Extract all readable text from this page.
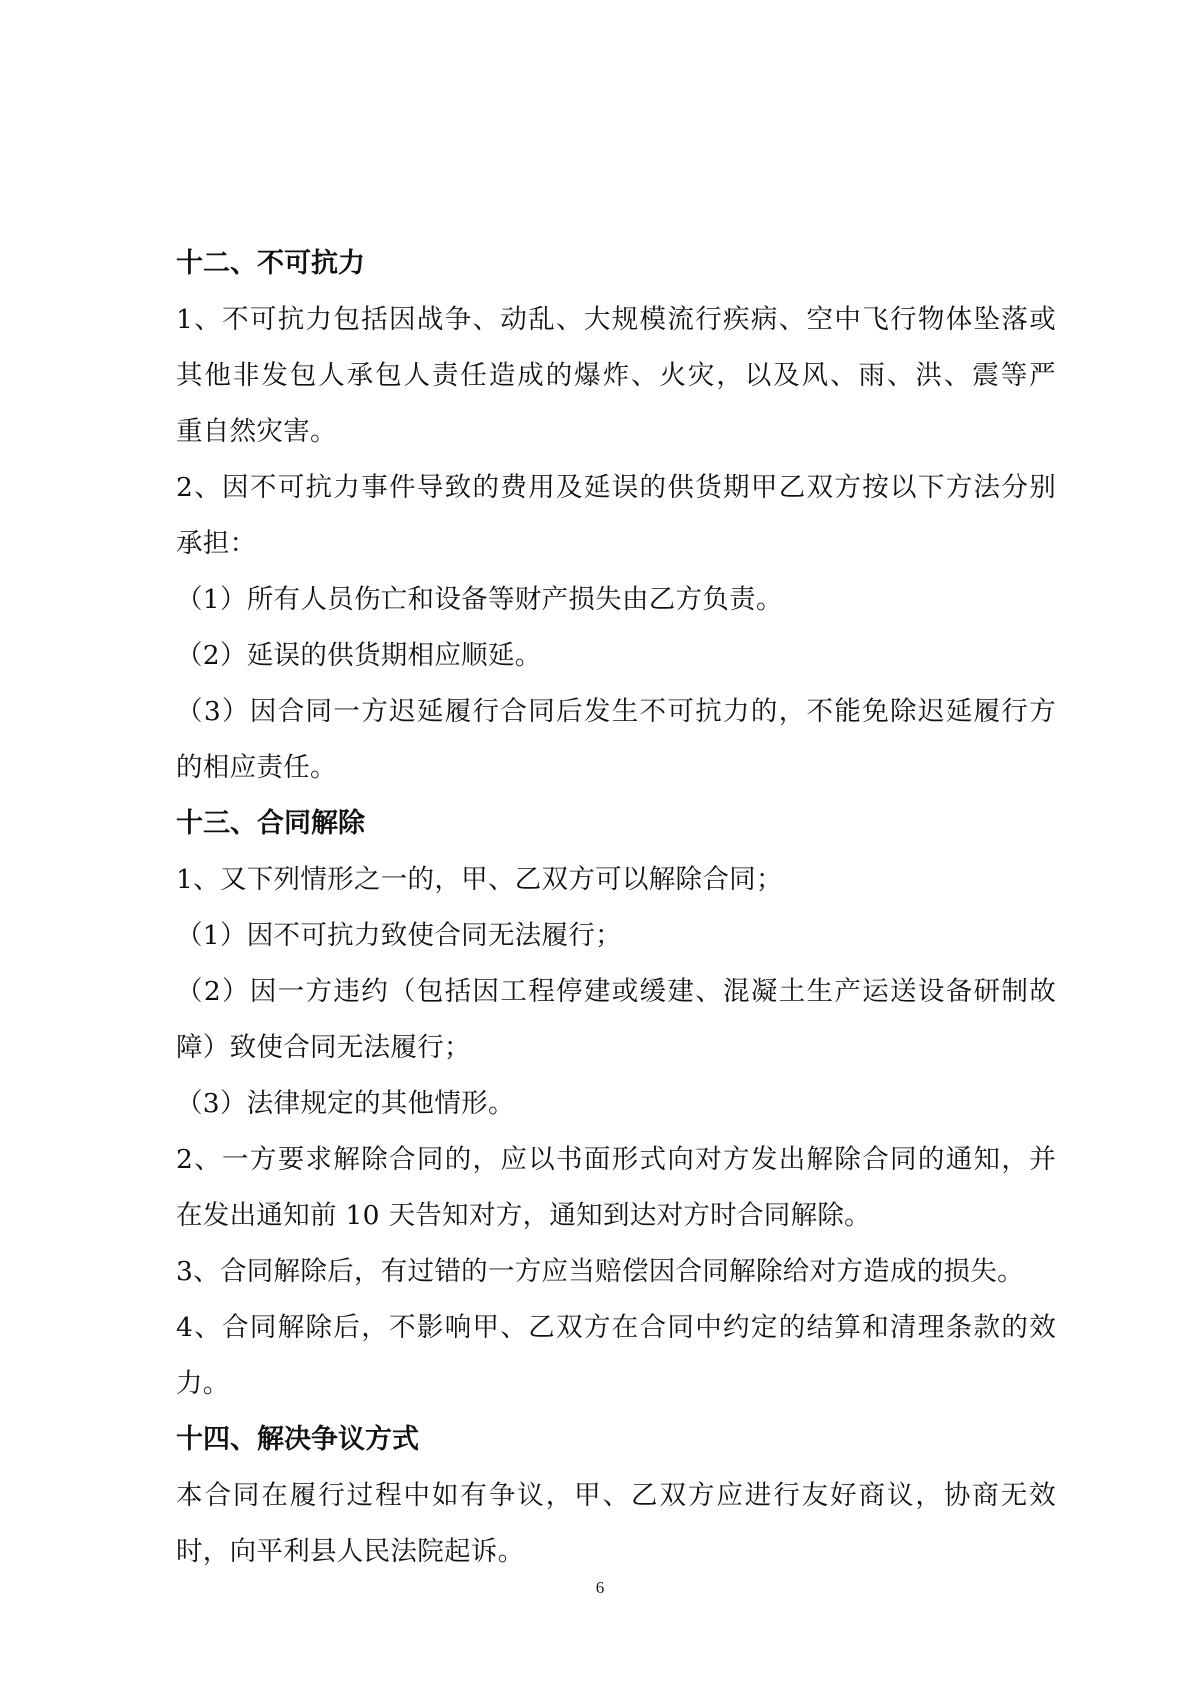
十二、不可抗力
1、不可抗力包括因战争、动乱、大规模流行疾病、空中飞行物体坠落或
其他非发包人承包人责任造成的爆炸、火灾，以及风、雨、洪、震等严
重自然灾害。
2、因不可抗力事件导致的费用及延误的供货期甲乙双方按以下方法分别
承担：
（1）所有人员伤亡和设备等财产损失由乙方负责。
（2）延误的供货期相应顺延。
（3）因合同一方迟延履行合同后发生不可抗力的，不能免除迟延履行方
的相应责任。
十三、合同解除
1、又下列情形之一的，甲、乙双方可以解除合同；
（1）因不可抗力致使合同无法履行；
（2）因一方违约（包括因工程停建或缓建、混凝土生产运送设备研制故
障）致使合同无法履行；
（3）法律规定的其他情形。
2、一方要求解除合同的，应以书面形式向对方发出解除合同的通知，并
在发出通知前 10 天告知对方，通知到达对方时合同解除。
3、合同解除后，有过错的一方应当赔偿因合同解除给对方造成的损失。
4、合同解除后，不影响甲、乙双方在合同中约定的结算和清理条款的效
力。
十四、解决争议方式
本合同在履行过程中如有争议，甲、乙双方应进行友好商议，协商无效
时，向平利县人民法院起诉。
6
